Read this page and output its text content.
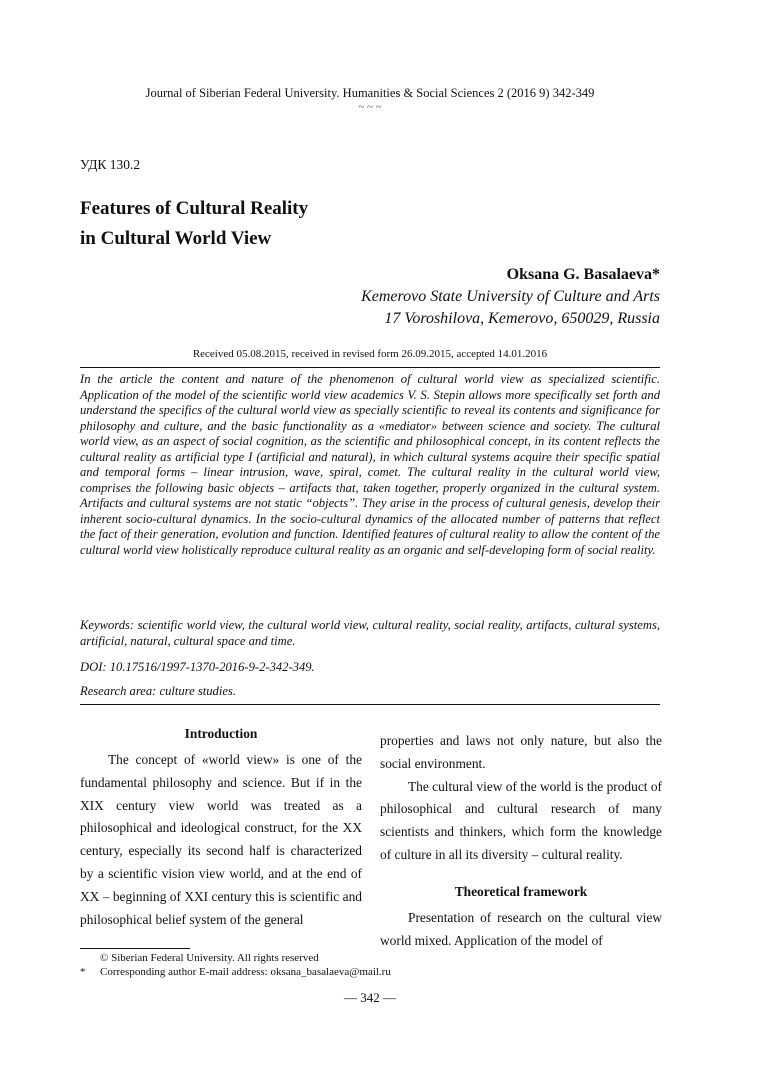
Journal of Siberian Federal University. Humanities & Social Sciences 2 (2016 9) 342-349
~ ~ ~
УДК 130.2
Features of Cultural Reality
in Cultural World View
Oksana G. Basalaeva*
Kemerovo State University of Culture and Arts
17 Voroshilova, Kemerovo, 650029, Russia
Received 05.08.2015, received in revised form 26.09.2015, accepted 14.01.2016

In the article the content and nature of the phenomenon of cultural world view as specialized scientific. Application of the model of the scientific world view academics V. S. Stepin allows more specifically set forth and understand the specifics of the cultural world view as specially scientific to reveal its contents and significance for philosophy and culture, and the basic functionality as a «mediator» between science and society. The cultural world view, as an aspect of social cognition, as the scientific and philosophical concept, in its content reflects the cultural reality as artificial type I (artificial and natural), in which cultural systems acquire their specific spatial and temporal forms – linear intrusion, wave, spiral, comet. The cultural reality in the cultural world view, comprises the following basic objects – artifacts that, taken together, properly organized in the cultural system. Artifacts and cultural systems are not static “objects”. They arise in the process of cultural genesis, develop their inherent socio-cultural dynamics. In the socio-cultural dynamics of the allocated number of patterns that reflect the fact of their generation, evolution and function. Identified features of cultural reality to allow the content of the cultural world view holistically reproduce cultural reality as an organic and self-developing form of social reality.

Keywords: scientific world view, the cultural world view, cultural reality, social reality, artifacts, cultural systems, artificial, natural, cultural space and time.

DOI: 10.17516/1997-1370-2016-9-2-342-349.

Research area: culture studies.

Introduction

The concept of «world view» is one of the fundamental philosophy and science. But if in the XIX century view world was treated as a philosophical and ideological construct, for the XX century, especially its second half is characterized by a scientific vision view world, and at the end of XX – beginning of XXI century this is scientific and philosophical belief system of the general

properties and laws not only nature, but also the social environment.

The cultural view of the world is the product of philosophical and cultural research of many scientists and thinkers, which form the knowledge of culture in all its diversity – cultural reality.

Theoretical framework

Presentation of research on the cultural view world mixed. Application of the model of

© Siberian Federal University. All rights reserved
*	Corresponding author E-mail address: oksana_basalaeva@mail.ru
— 342 —
